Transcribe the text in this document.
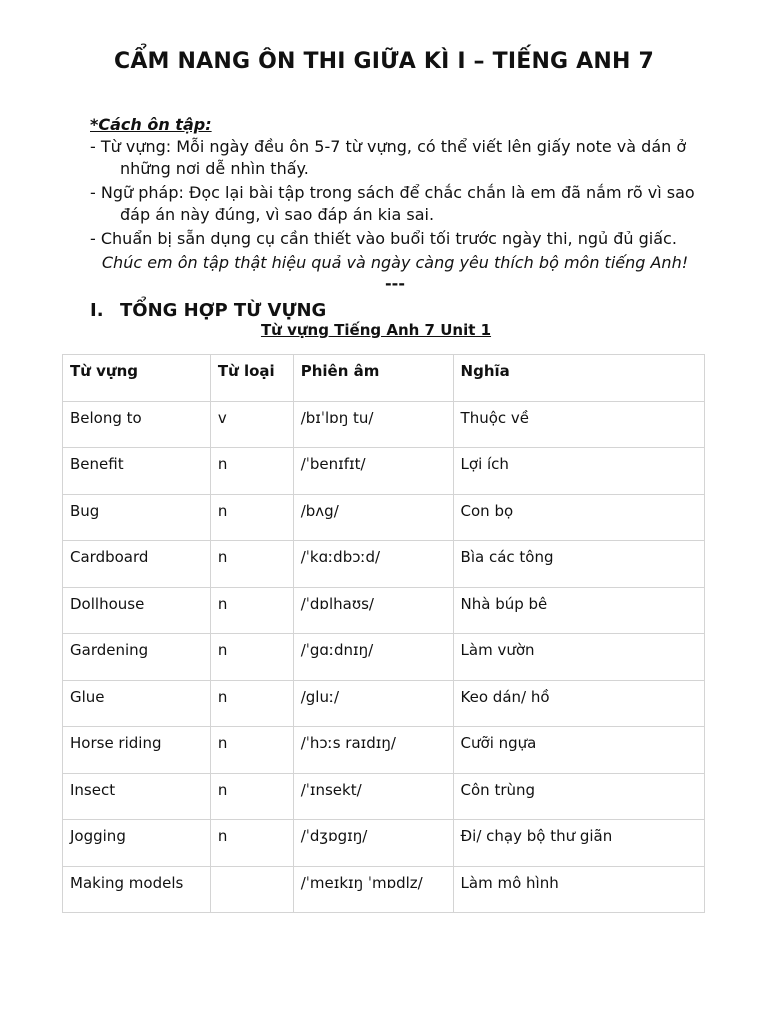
CẨM NANG ÔN THI GIỮA KÌ I – TIẾNG ANH 7
*Cách ôn tập:

- Từ vựng: Mỗi ngày đều ôn 5-7 từ vựng, có thể viết lên giấy note và dán ở những nơi dễ nhìn thấy.

- Ngữ pháp: Đọc lại bài tập trong sách để chắc chắn là em đã nắm rõ vì sao đáp án này đúng, vì sao đáp án kia sai.

- Chuẩn bị sẵn dụng cụ cần thiết vào buổi tối trước ngày thi, ngủ đủ giấc.

Chúc em ôn tập thật hiệu quả và ngày càng yêu thích bộ môn tiếng Anh!
---
I. TỔNG HỢP TỪ VỰNG
Từ vựng Tiếng Anh 7 Unit 1
Từ vựng	Từ loại	Phiên âm	Nghĩa
Belong to	v	/bɪˈlɒŋ tu/	Thuộc về
Benefit	n	/ˈbenɪfɪt/	Lợi ích
Bug	n	/bʌg/	Con bọ
Cardboard	n	/ˈkɑːdbɔːd/	Bìa các tông
Dollhouse	n	/ˈdɒlhaʊs/	Nhà búp bê
Gardening	n	/ˈgɑːdnɪŋ/	Làm vườn
Glue	n	/gluː/	Keo dán/ hồ
Horse riding	n	/ˈhɔːs raɪdɪŋ/	Cưỡi ngựa
Insect	n	/ˈɪnsekt/	Côn trùng
Jogging	n	/ˈdʒɒgɪŋ/	Đi/ chạy bộ thư giãn
Making models		/ˈmeɪkɪŋ ˈmɒdlz/	Làm mô hình
